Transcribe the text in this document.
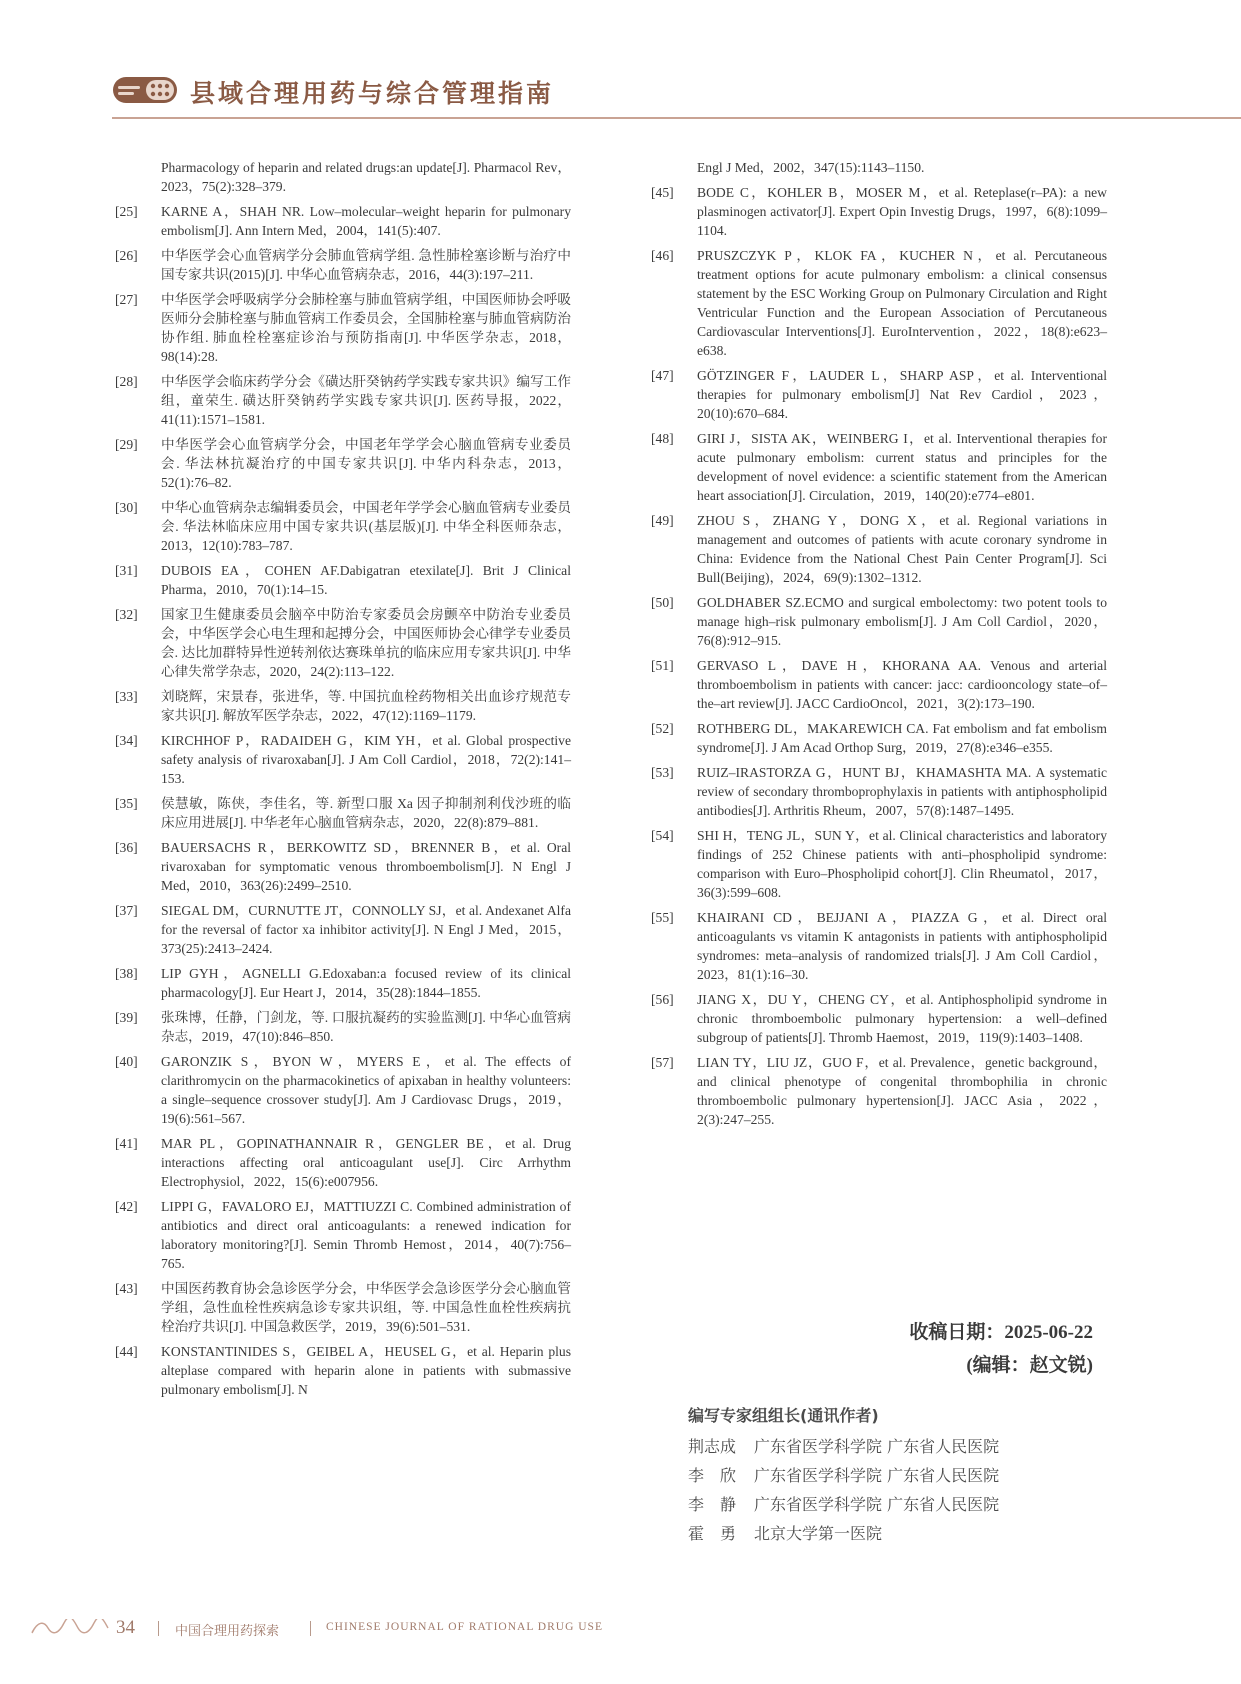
县域合理用药与综合管理指南
Pharmacology of heparin and related drugs:an update[J]. Pharmacol Rev，2023，75(2):328–379.
[25] KARNE A，SHAH NR. Low–molecular–weight heparin for pulmonary embolism[J]. Ann Intern Med，2004，141(5):407.
[26] 中华医学会心血管病学分会肺血管病学组. 急性肺栓塞诊断与治疗中国专家共识(2015)[J]. 中华心血管病杂志，2016，44(3):197–211.
[27] 中华医学会呼吸病学分会肺栓塞与肺血管病学组，中国医师协会呼吸医师分会肺栓塞与肺血管病工作委员会，全国肺栓塞与肺血管病防治协作组. 肺血栓栓塞症诊治与预防指南[J]. 中华医学杂志，2018，98(14):28.
[28] 中华医学会临床药学分会《磺达肝癸钠药学实践专家共识》编写工作组，童荣生. 磺达肝癸钠药学实践专家共识[J]. 医药导报，2022，41(11):1571–1581.
[29] 中华医学会心血管病学分会，中国老年学学会心脑血管病专业委员会. 华法林抗凝治疗的中国专家共识[J]. 中华内科杂志，2013，52(1):76–82.
[30] 中华心血管病杂志编辑委员会，中国老年学学会心脑血管病专业委员会. 华法林临床应用中国专家共识(基层版)[J]. 中华全科医师杂志，2013，12(10):783–787.
[31] DUBOIS EA，COHEN AF.Dabigatran etexilate[J]. Brit J Clinical Pharma，2010，70(1):14–15.
[32] 国家卫生健康委员会脑卒中防治专家委员会房颤卒中防治专业委员会，中华医学会心电生理和起搏分会，中国医师协会心律学专业委员会. 达比加群特异性逆转剂依达赛珠单抗的临床应用专家共识[J]. 中华心律失常学杂志，2020，24(2):113–122.
[33] 刘晓辉，宋景春，张进华，等. 中国抗血栓药物相关出血诊疗规范专家共识[J]. 解放军医学杂志，2022，47(12):1169–1179.
[34] KIRCHHOF P，RADAIDEH G，KIM YH，et al. Global prospective safety analysis of rivaroxaban[J]. J Am Coll Cardiol，2018，72(2):141–153.
[35] 侯慧敏，陈侠，李佳名，等. 新型口服 Xa 因子抑制剂利伐沙班的临床应用进展[J]. 中华老年心脑血管病杂志，2020，22(8):879–881.
[36] BAUERSACHS R，BERKOWITZ SD，BRENNER B，et al. Oral rivaroxaban for symptomatic venous thromboembolism[J]. N Engl J Med，2010，363(26):2499–2510.
[37] SIEGAL DM，CURNUTTE JT，CONNOLLY SJ，et al. Andexanet Alfa for the reversal of factor xa inhibitor activity[J]. N Engl J Med，2015，373(25):2413–2424.
[38] LIP GYH，AGNELLI G.Edoxaban:a focused review of its clinical pharmacology[J]. Eur Heart J，2014，35(28):1844–1855.
[39] 张珠博，任静，门剑龙，等. 口服抗凝药的实验监测[J]. 中华心血管病杂志，2019，47(10):846–850.
[40] GARONZIK S，BYON W，MYERS E，et al. The effects of clarithromycin on the pharmacokinetics of apixaban in healthy volunteers: a single–sequence crossover study[J]. Am J Cardiovasc Drugs，2019，19(6):561–567.
[41] MAR PL，GOPINATHANNAIR R，GENGLER BE，et al. Drug interactions affecting oral anticoagulant use[J]. Circ Arrhythm Electrophysiol，2022，15(6):e007956.
[42] LIPPI G，FAVALORO EJ，MATTIUZZI C. Combined administration of antibiotics and direct oral anticoagulants: a renewed indication for laboratory monitoring?[J]. Semin Thromb Hemost，2014，40(7):756–765.
[43] 中国医药教育协会急诊医学分会，中华医学会急诊医学分会心脑血管学组，急性血栓性疾病急诊专家共识组，等. 中国急性血栓性疾病抗栓治疗共识[J]. 中国急救医学，2019，39(6):501–531.
[44] KONSTANTINIDES S，GEIBEL A，HEUSEL G，et al. Heparin plus alteplase compared with heparin alone in patients with submassive pulmonary embolism[J]. N
Engl J Med，2002，347(15):1143–1150.
[45] BODE C，KOHLER B，MOSER M，et al. Reteplase(r–PA): a new plasminogen activator[J]. Expert Opin Investig Drugs，1997，6(8):1099–1104.
[46] PRUSZCZYK P，KLOK FA，KUCHER N，et al. Percutaneous treatment options for acute pulmonary embolism: a clinical consensus statement by the ESC Working Group on Pulmonary Circulation and Right Ventricular Function and the European Association of Percutaneous Cardiovascular Interventions[J]. EuroIntervention，2022，18(8):e623–e638.
[47] GÖTZINGER F，LAUDER L，SHARP ASP，et al. Interventional therapies for pulmonary embolism[J] Nat Rev Cardiol，2023，20(10):670–684.
[48] GIRI J，SISTA AK，WEINBERG I，et al. Interventional therapies for acute pulmonary embolism: current status and principles for the development of novel evidence: a scientific statement from the American heart association[J]. Circulation，2019，140(20):e774–e801.
[49] ZHOU S，ZHANG Y，DONG X，et al. Regional variations in management and outcomes of patients with acute coronary syndrome in China: Evidence from the National Chest Pain Center Program[J]. Sci Bull(Beijing)，2024，69(9):1302–1312.
[50] GOLDHABER SZ.ECMO and surgical embolectomy: two potent tools to manage high–risk pulmonary embolism[J]. J Am Coll Cardiol，2020，76(8):912–915.
[51] GERVASO L，DAVE H，KHORANA AA. Venous and arterial thromboembolism in patients with cancer: jacc: cardiooncology state–of–the–art review[J]. JACC CardioOncol，2021，3(2):173–190.
[52] ROTHBERG DL，MAKAREWICH CA. Fat embolism and fat embolism syndrome[J]. J Am Acad Orthop Surg，2019，27(8):e346–e355.
[53] RUIZ–IRASTORZA G，HUNT BJ，KHAMASHTA MA. A systematic review of secondary thromboprophylaxis in patients with antiphospholipid antibodies[J]. Arthritis Rheum，2007，57(8):1487–1495.
[54] SHI H，TENG JL，SUN Y，et al. Clinical characteristics and laboratory findings of 252 Chinese patients with anti–phospholipid syndrome: comparison with Euro–Phospholipid cohort[J]. Clin Rheumatol，2017，36(3):599–608.
[55] KHAIRANI CD，BEJJANI A，PIAZZA G，et al. Direct oral anticoagulants vs vitamin K antagonists in patients with antiphospholipid syndromes: meta–analysis of randomized trials[J]. J Am Coll Cardiol，2023，81(1):16–30.
[56] JIANG X，DU Y，CHENG CY，et al. Antiphospholipid syndrome in chronic thromboembolic pulmonary hypertension: a well–defined subgroup of patients[J]. Thromb Haemost，2019，119(9):1403–1408.
[57] LIAN TY，LIU JZ，GUO F，et al. Prevalence，genetic background，and clinical phenotype of congenital thrombophilia in chronic thromboembolic pulmonary hypertension[J]. JACC Asia，2022，2(3):247–255.
收稿日期：2025-06-22
(编辑：赵文锐)
编写专家组组长(通讯作者)
荆志成 广东省医学科学院 广东省人民医院
李　欣 广东省医学科学院 广东省人民医院
李　静 广东省医学科学院 广东省人民医院
霍　勇 北京大学第一医院
34	中国合理用药探索	CHINESE JOURNAL OF RATIONAL DRUG USE
